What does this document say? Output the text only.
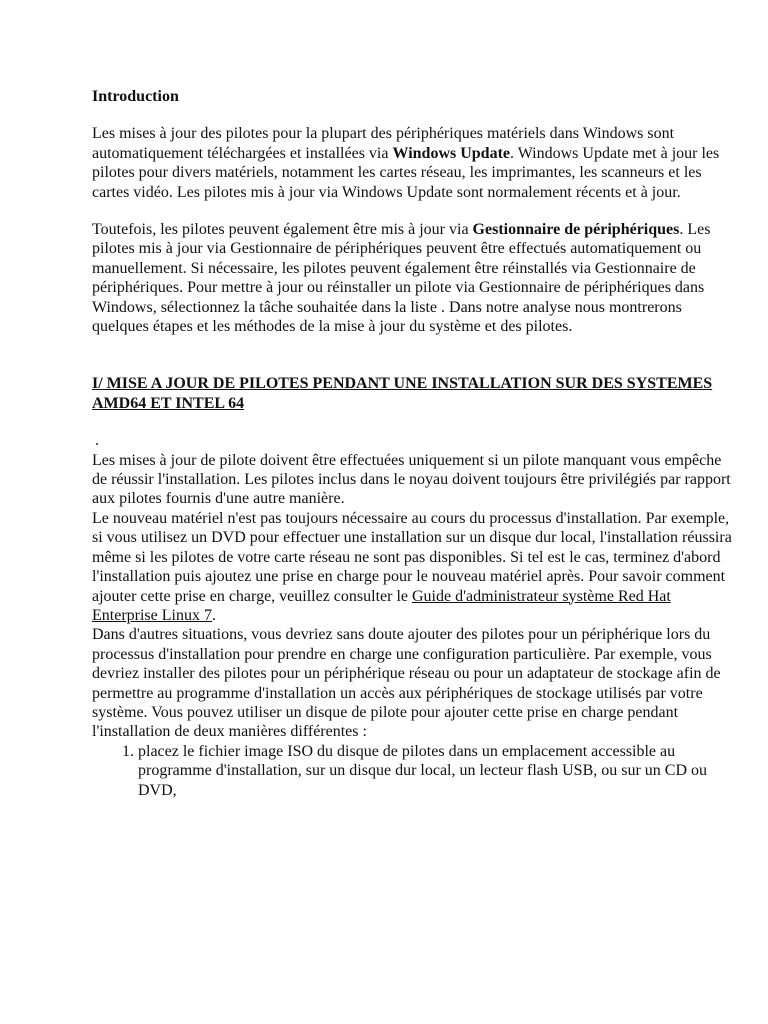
Introduction

Les mises à jour des pilotes pour la plupart des périphériques matériels dans Windows sont automatiquement téléchargées et installées via Windows Update. Windows Update met à jour les pilotes pour divers matériels, notamment les cartes réseau, les imprimantes, les scanneurs et les cartes vidéo. Les pilotes mis à jour via Windows Update sont normalement récents et à jour.

Toutefois, les pilotes peuvent également être mis à jour via Gestionnaire de périphériques. Les pilotes mis à jour via Gestionnaire de périphériques peuvent être effectués automatiquement ou manuellement. Si nécessaire, les pilotes peuvent également être réinstallés via Gestionnaire de périphériques. Pour mettre à jour ou réinstaller un pilote via Gestionnaire de périphériques dans Windows, sélectionnez la tâche souhaitée dans la liste . Dans notre analyse nous montrerons quelques étapes et les méthodes de la mise à jour du système et des pilotes.

I/ MISE A JOUR DE PILOTES PENDANT UNE INSTALLATION SUR DES SYSTEMES AMD64 ET INTEL 64
.

Les mises à jour de pilote doivent être effectuées uniquement si un pilote manquant vous empêche de réussir l'installation. Les pilotes inclus dans le noyau doivent toujours être privilégiés par rapport aux pilotes fournis d'une autre manière.

Le nouveau matériel n'est pas toujours nécessaire au cours du processus d'installation. Par exemple, si vous utilisez un DVD pour effectuer une installation sur un disque dur local, l'installation réussira même si les pilotes de votre carte réseau ne sont pas disponibles. Si tel est le cas, terminez d'abord l'installation puis ajoutez une prise en charge pour le nouveau matériel après. Pour savoir comment ajouter cette prise en charge, veuillez consulter le Guide d'administrateur système Red Hat Enterprise Linux 7.

Dans d'autres situations, vous devriez sans doute ajouter des pilotes pour un périphérique lors du processus d'installation pour prendre en charge une configuration particulière. Par exemple, vous devriez installer des pilotes pour un périphérique réseau ou pour un adaptateur de stockage afin de permettre au programme d'installation un accès aux périphériques de stockage utilisés par votre système. Vous pouvez utiliser un disque de pilote pour ajouter cette prise en charge pendant l'installation de deux manières différentes :

1. placez le fichier image ISO du disque de pilotes dans un emplacement accessible au programme d'installation, sur un disque dur local, un lecteur flash USB, ou sur un CD ou DVD,
